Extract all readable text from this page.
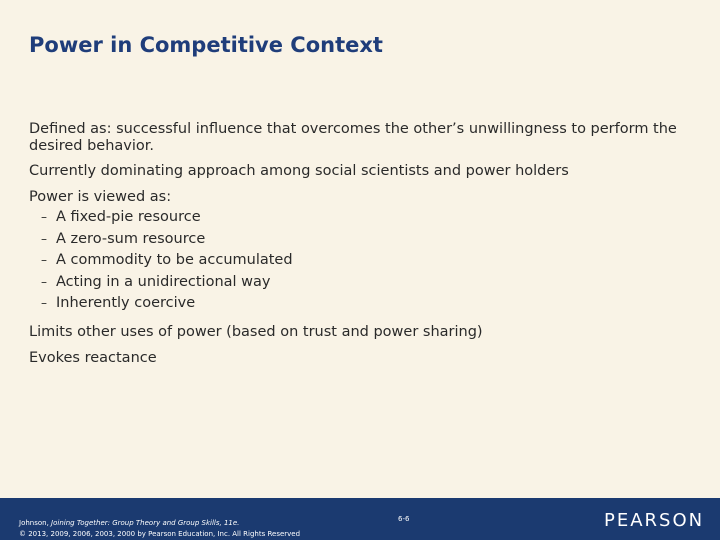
Power in Competitive Context
Defined as: successful influence that overcomes the other’s unwillingness to perform the desired behavior.
Currently dominating approach among social scientists and power holders
Power is viewed as:
– A fixed-pie resource
– A zero-sum resource
– A commodity to be accumulated
– Acting in a unidirectional way
– Inherently coercive
Limits other uses of power (based on trust and power sharing)
Evokes reactance
Johnson, Joining Together: Group Theory and Group Skills, 11e.
© 2013, 2009, 2006, 2003, 2000 by Pearson Education, Inc. All Rights Reserved
6-6	PEARSON
